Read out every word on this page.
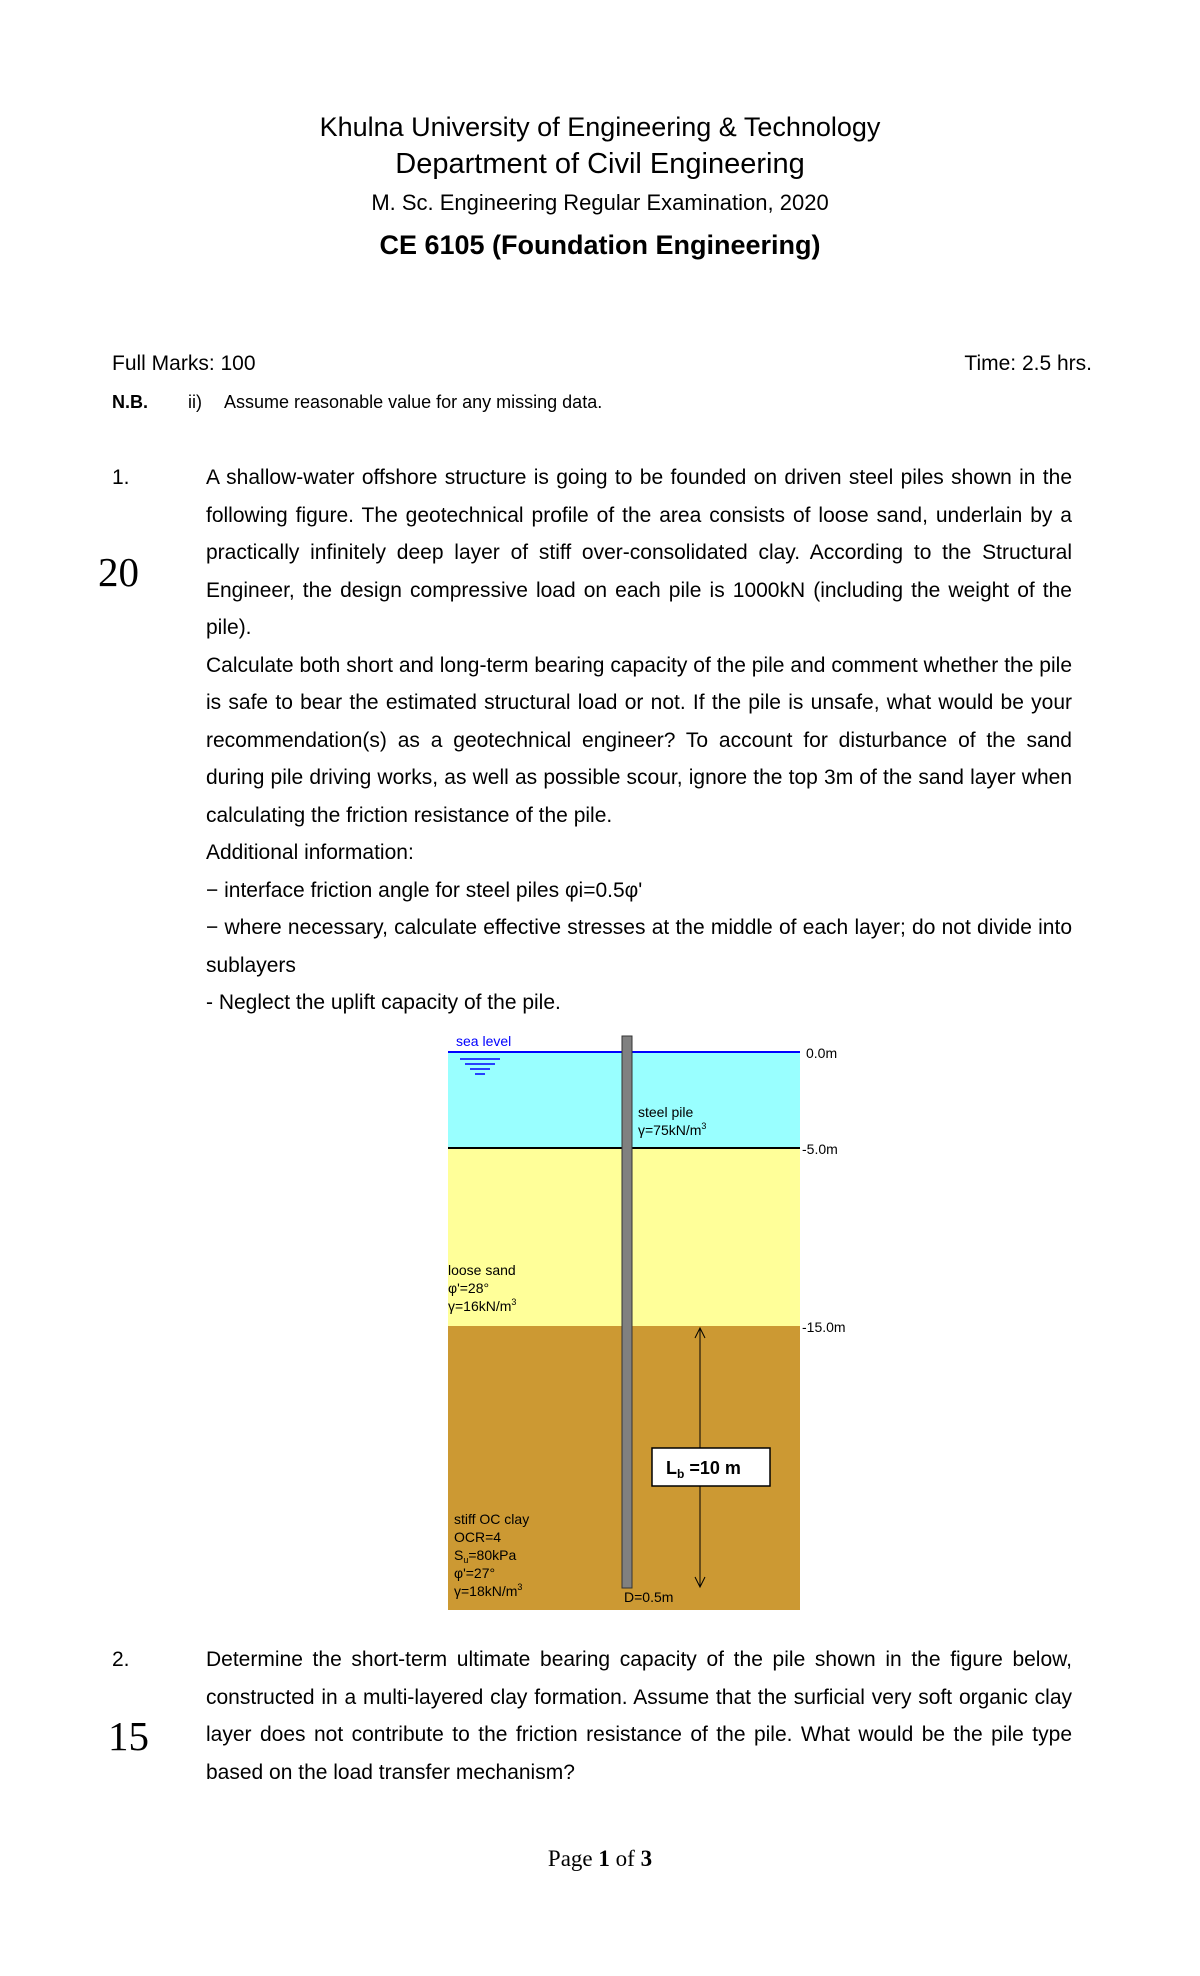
Khulna University of Engineering & Technology
Department of Civil Engineering
M. Sc. Engineering Regular Examination, 2020
CE 6105 (Foundation Engineering)
Full Marks: 100	Time: 2.5 hrs.
N.B. ii) Assume reasonable value for any missing data.
1.
20

A shallow-water offshore structure is going to be founded on driven steel piles shown in the following figure. The geotechnical profile of the area consists of loose sand, underlain by a practically infinitely deep layer of stiff over-consolidated clay. According to the Structural Engineer, the design compressive load on each pile is 1000kN (including the weight of the pile).

Calculate both short and long-term bearing capacity of the pile and comment whether the pile is safe to bear the estimated structural load or not. If the pile is unsafe, what would be your recommendation(s) as a geotechnical engineer? To account for disturbance of the sand during pile driving works, as well as possible scour, ignore the top 3m of the sand layer when calculating the friction resistance of the pile.

Additional information:

− interface friction angle for steel piles φi=0.5φ'

− where necessary, calculate effective stresses at the middle of each layer; do not divide into sublayers

- Neglect the uplift capacity of the pile.

$L_b =10$ m
sea level
0.0m
-5.0m
-15.0m
steel pile
$\gamma=75kN/m^3$
loose sand
φ'=28°
$\gamma=16kN/m^3$
stiff OC clay
OCR=4
$S_u=80kPa$
φ'=27°
$\gamma=18kN/m^3$
D=0.5m
2.
15

Determine the short-term ultimate bearing capacity of the pile shown in the figure below, constructed in a multi-layered clay formation. Assume that the surficial very soft organic clay layer does not contribute to the friction resistance of the pile. What would be the pile type based on the load transfer mechanism?

Page 1 of 3
